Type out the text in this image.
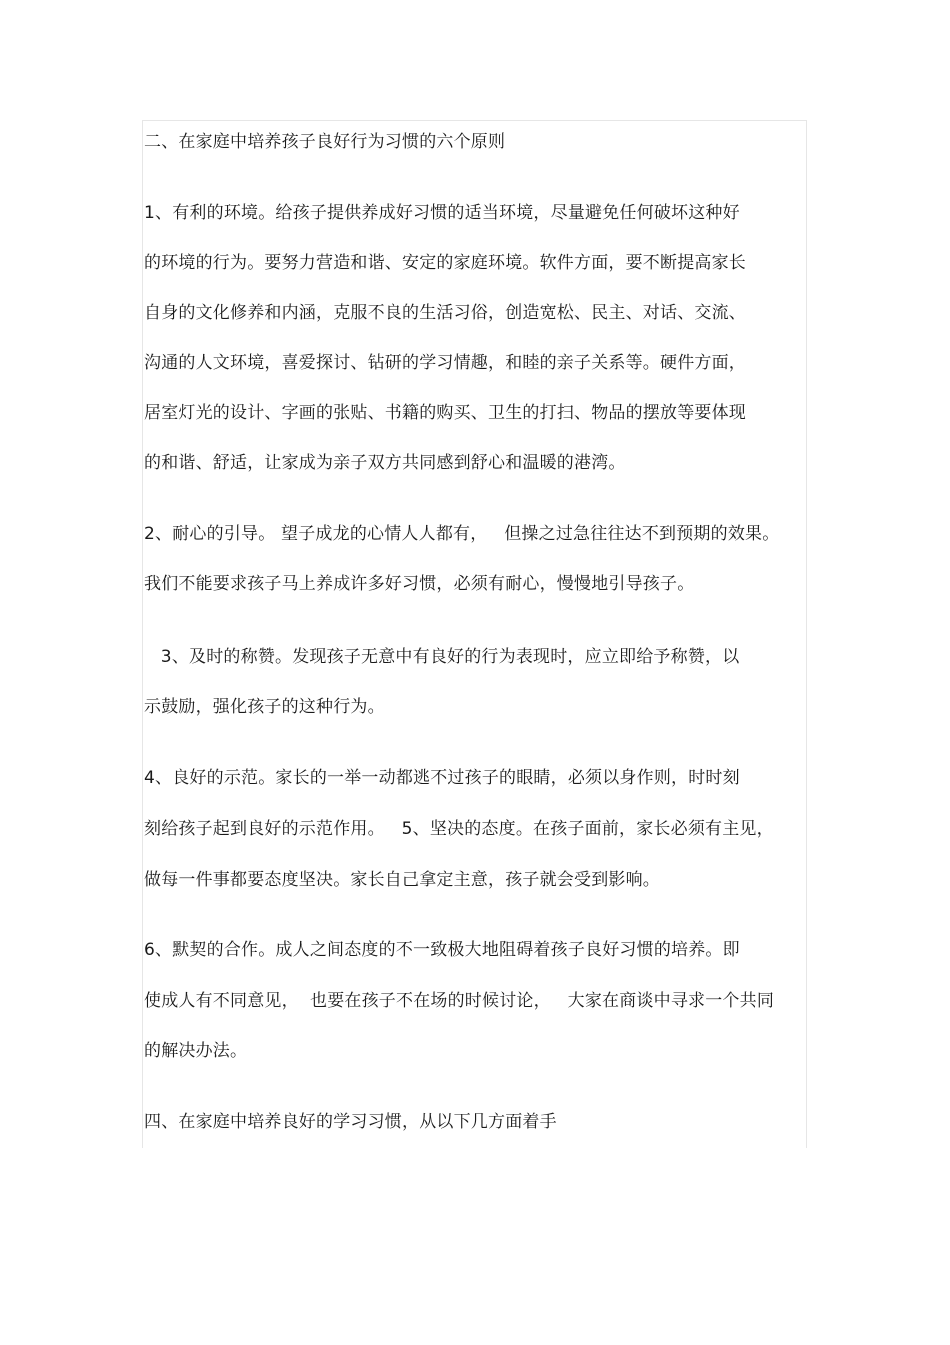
二、在家庭中培养孩子良好行为习惯的六个原则
1、有利的环境。给孩子提供养成好习惯的适当环境，尽量避免任何破坏这种好
的环境的行为。要努力营造和谐、安定的家庭环境。软件方面，要不断提高家长
自身的文化修养和内涵，克服不良的生活习俗，创造宽松、民主、对话、交流、
沟通的人文环境，喜爱探讨、钻研的学习情趣，和睦的亲子关系等。硬件方面，
居室灯光的设计、字画的张贴、书籍的购买、卫生的打扫、物品的摆放等要体现
的和谐、舒适，让家成为亲子双方共同感到舒心和温暖的港湾。
2、耐心的引导。 望子成龙的心情人人都有，   但操之过急往往达不到预期的效果。
我们不能要求孩子马上养成许多好习惯，必须有耐心，慢慢地引导孩子。
3、及时的称赞。发现孩子无意中有良好的行为表现时，应立即给予称赞，以
示鼓励，强化孩子的这种行为。
4、良好的示范。家长的一举一动都逃不过孩子的眼睛，必须以身作则，时时刻
刻给孩子起到良好的示范作用。   5、坚决的态度。在孩子面前，家长必须有主见，
做每一件事都要态度坚决。家长自己拿定主意，孩子就会受到影响。
6、默契的合作。成人之间态度的不一致极大地阻碍着孩子良好习惯的培养。即
使成人有不同意见，  也要在孩子不在场的时候讨论，   大家在商谈中寻求一个共同
的解决办法。
四、在家庭中培养良好的学习习惯，从以下几方面着手
